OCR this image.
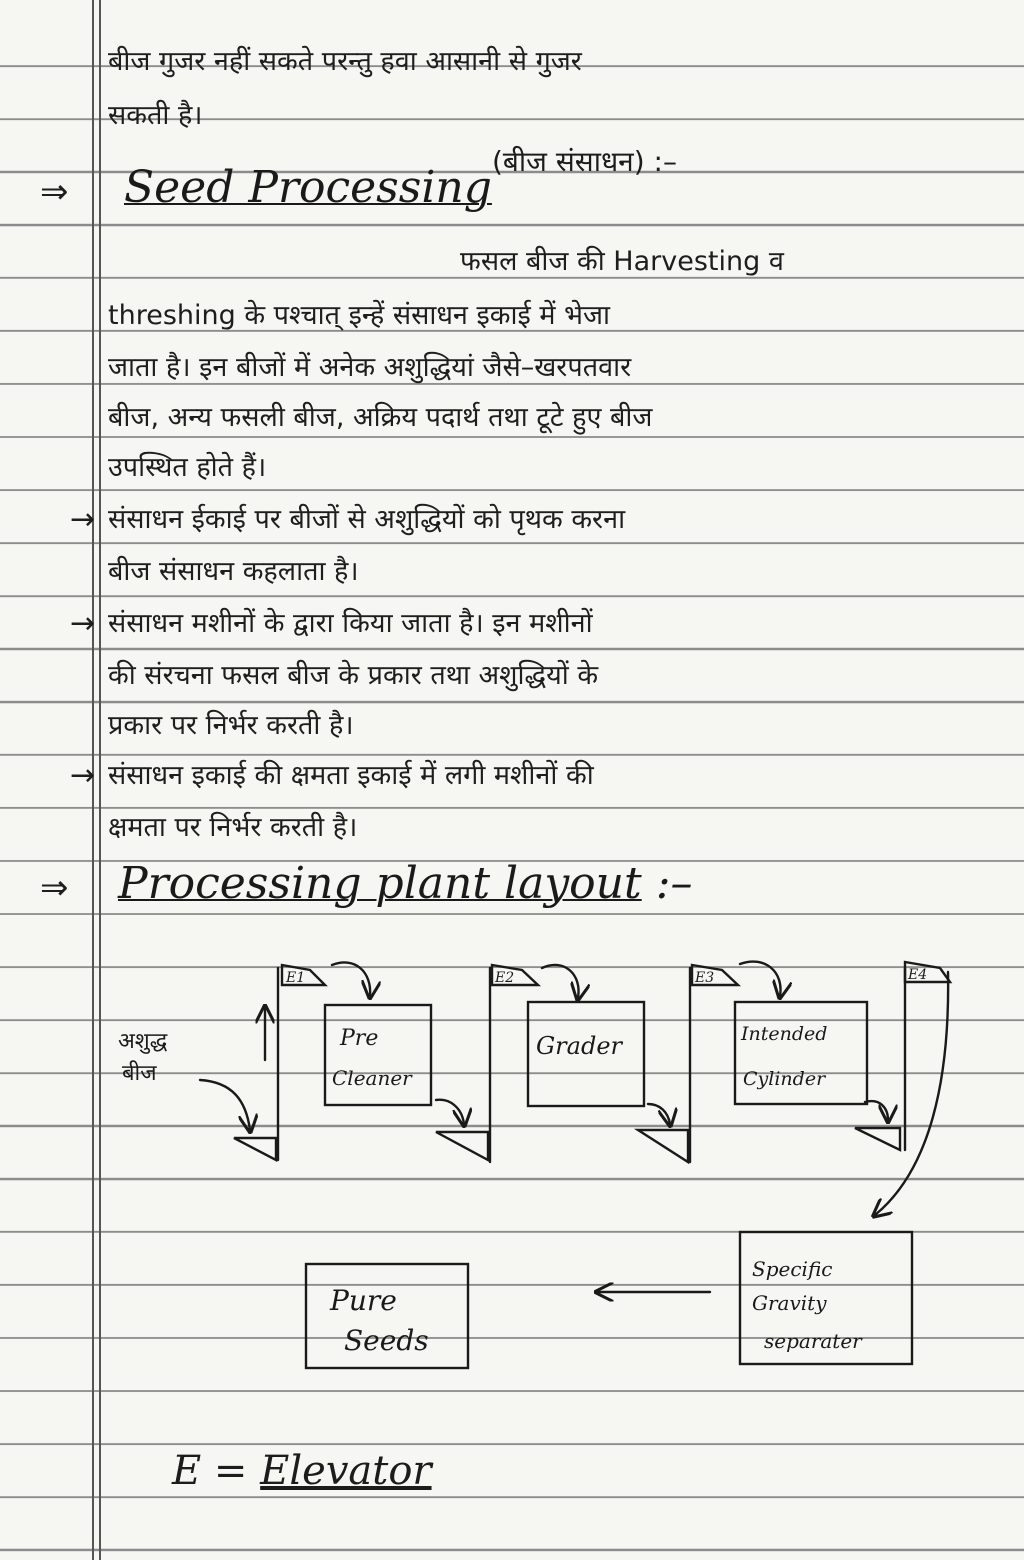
बीज गुजर नहीं सकते परन्तु हवा आसानी से गुजर
सकती है।
⇒ Seed Processing
(बीज संसाधन) :–
फसल बीज की Harvesting व
threshing के पश्चात् इन्हें संसाधन इकाई में भेजा
जाता है। इन बीजों में अनेक अशुद्धियां जैसे–खरपतवार
बीज, अन्य फसली बीज, अक्रिय पदार्थ तथा टूटे हुए बीज
उपस्थित होते हैं।
→ संसाधन ईकाई पर बीजों से अशुद्धियों को पृथक करना
बीज संसाधन कहलाता है।
→ संसाधन मशीनों के द्वारा किया जाता है। इन मशीनों
की संरचना फसल बीज के प्रकार तथा अशुद्धियों के
प्रकार पर निर्भर करती है।
→ संसाधन इकाई की क्षमता इकाई में लगी मशीनों की
क्षमता पर निर्भर करती है।
⇒ Processing plant layout :–
E1	E2	E3	E4
अशुद्ध
बीज
Pre
Cleaner
Grader	Intended
Cylinder
Specific
Gravity
separater
Pure
Seeds
E = Elevator
